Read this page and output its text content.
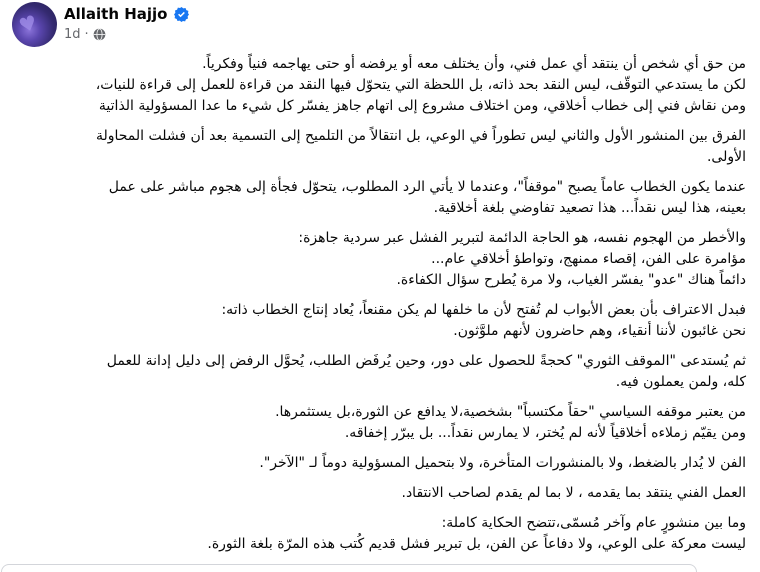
♥ Allaith Hajjo
1d ·
من حق أي شخص أن ينتقد أي عمل فني، وأن يختلف معه أو يرفضه أو حتى يهاجمه فنياً وفكرياً.
لكن ما يستدعي التوقّف، ليس النقد بحد ذاته، بل اللحظة التي يتحوّل فيها النقد من قراءة للعمل إلى قراءة للنيات،
ومن نقاش فني إلى خطاب أخلاقي، ومن اختلاف مشروع إلى اتهام جاهز يفسّر كل شيء ما عدا المسؤولية الذاتية
الفرق بين المنشور الأول والثاني ليس تطوراً في الوعي، بل انتقالاً من التلميح إلى التسمية بعد أن فشلت المحاولة
الأولى.
عندما يكون الخطاب عاماً يصبح "موقفاً"، وعندما لا يأتي الرد المطلوب، يتحوّل فجأة إلى هجوم مباشر على عمل
بعينه، هذا ليس نقداً... هذا تصعيد تفاوضي بلغة أخلاقية.
والأخطر من الهجوم نفسه، هو الحاجة الدائمة لتبرير الفشل عبر سردية جاهزة:
مؤامرة على الفن، إقصاء ممنهج، وتواطؤ أخلاقي عام...
دائماً هناك "عدو" يفسّر الغياب، ولا مرة يُطرح سؤال الكفاءة.
فبدل الاعتراف بأن بعض الأبواب لم تُفتح لأن ما خلفها لم يكن مقنعاً، يُعاد إنتاج الخطاب ذاته:
نحن غائبون لأننا أنقياء، وهم حاضرون لأنهم ملوَّثون.
ثم يُستدعى "الموقف الثوري" كحجةً للحصول على دور، وحين يُرفَض الطلب، يُحوَّل الرفض إلى دليل إدانة للعمل
كله، ولمن يعملون فيه.
من يعتبر موقفه السياسي "حقاً مكتسباً" بشخصية،لا يدافع عن الثورة،بل يستثمرها.
ومن يقيّم زملاءه أخلاقياً لأنه لم يُختر، لا يمارس نقداً... بل يبرّر إخفاقه.
الفن لا يُدار بالضغط، ولا بالمنشورات المتأخرة، ولا بتحميل المسؤولية دوماً لـ "الآخر".
العمل الفني ينتقد بما يقدمه ، لا بما لم يقدم لصاحب الانتقاد.
وما بين منشورٍ عام وآخر مُسمّى،تتضح الحكاية كاملة:
ليست معركة على الوعي، ولا دفاعاً عن الفن، بل تبرير فشل قديم كُتب هذه المرّة بلغة الثورة.
